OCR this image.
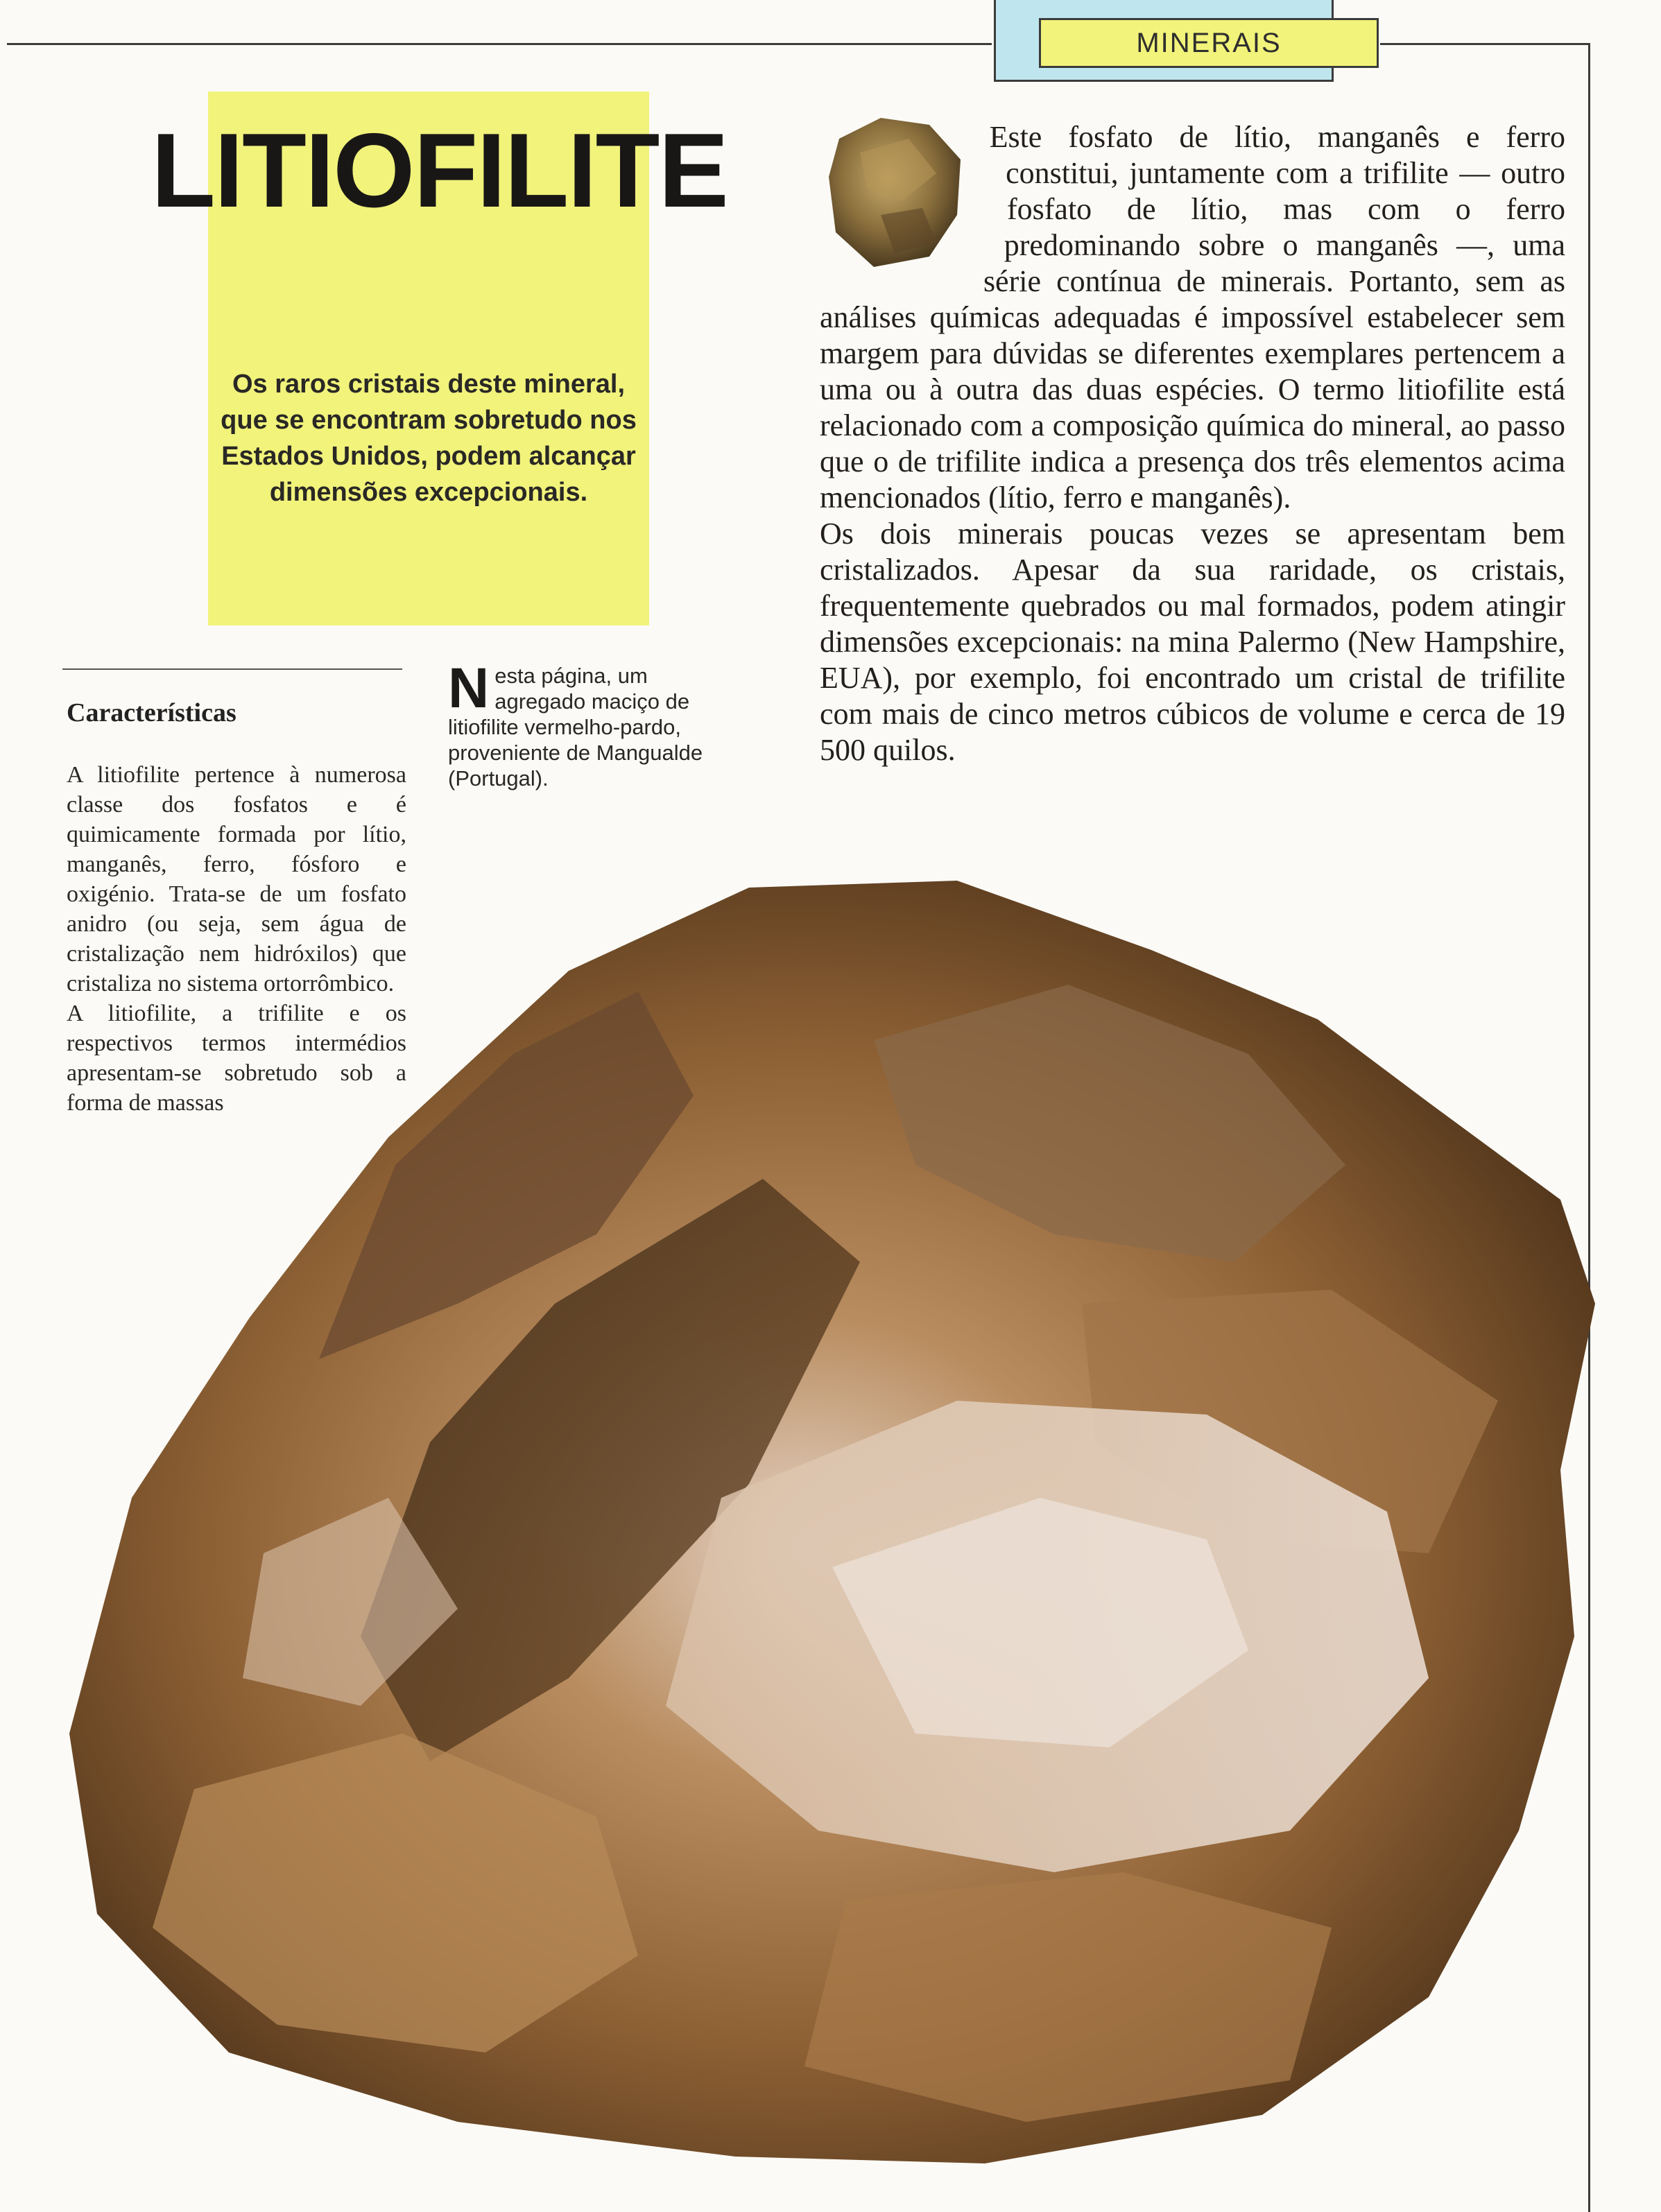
MINERAIS
LITIOFILITE

Os raros cristais deste mineral, que se encontram sobretudo nos Estados Unidos, podem alcançar dimensões excepcionais.

Características

A litiofilite pertence à numerosa classe dos fosfatos e é quimicamente formada por lítio, manganês, ferro, fósforo e oxigénio. Trata-se de um fosfato anidro (ou seja, sem água de cristalização nem hidróxilos) que cristaliza no sistema ortorrômbico.

A litiofilite, a trifilite e os respectivos termos intermédios apresentam-se sobretudo sob a forma de massas

Nesta página, um agregado maciço de litiofilite vermelho-pardo, proveniente de Mangualde (Portugal).

Este fosfato de lítio, manganês e ferro constitui, juntamente com a trifilite — outro fosfato de lítio, mas com o ferro predominando sobre o manganês —, uma série contínua de minerais. Portanto, sem as análises químicas adequadas é impossível estabelecer sem margem para dúvidas se diferentes exemplares pertencem a uma ou à outra das duas espécies. O termo litiofilite está relacionado com a composição química do mineral, ao passo que o de trifilite indica a presença dos três elementos acima mencionados (lítio, ferro e manganês).

Os dois minerais poucas vezes se apresentam bem cristalizados. Apesar da sua raridade, os cristais, frequentemente quebrados ou mal formados, podem atingir dimensões excepcionais: na mina Palermo (New Hampshire, EUA), por exemplo, foi encontrado um cristal de trifilite com mais de cinco metros cúbicos de volume e cerca de 19 500 quilos.
